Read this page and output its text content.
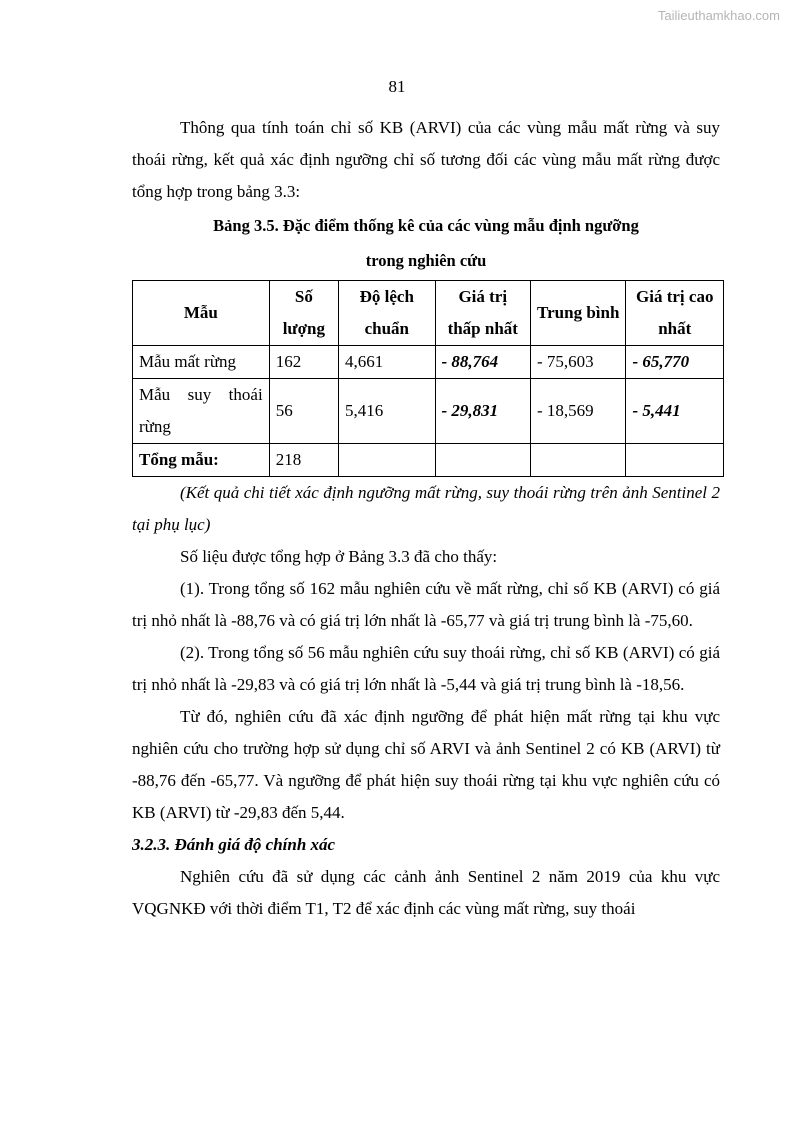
Tailieuthamkhao.com
81

Thông qua tính toán chỉ số KB (ARVI) của các vùng mẫu mất rừng và suy thoái rừng, kết quả xác định ngưỡng chỉ số tương đối các vùng mẫu mất rừng được tổng hợp trong bảng 3.3:

Bảng 3.5. Đặc điểm thống kê của các vùng mẫu định ngưỡng
trong nghiên cứu
Mẫu	Số lượng	Độ lệch chuẩn	Giá trị thấp nhất	Trung bình	Giá trị cao nhất
Mẫu mất rừng	162	4,661	- 88,764	- 75,603	- 65,770
Mẫu suy thoái rừng	56	5,416	- 29,831	- 18,569	- 5,441
Tổng mẫu:	218				

(Kết quả chi tiết xác định ngưỡng mất rừng, suy thoái rừng trên ảnh Sentinel 2 tại phụ lục)

Số liệu được tổng hợp ở Bảng 3.3 đã cho thấy:

(1). Trong tổng số 162 mẫu nghiên cứu về mất rừng, chỉ số KB (ARVI) có giá trị nhỏ nhất là -88,76 và có giá trị lớn nhất là -65,77 và giá trị trung bình là -75,60.

(2). Trong tổng số 56 mẫu nghiên cứu suy thoái rừng, chỉ số KB (ARVI) có giá trị nhỏ nhất là -29,83 và có giá trị lớn nhất là -5,44 và giá trị trung bình là -18,56.

Từ đó, nghiên cứu đã xác định ngưỡng để phát hiện mất rừng tại khu vực nghiên cứu cho trường hợp sử dụng chỉ số ARVI và ảnh Sentinel 2 có KB (ARVI) từ -88,76 đến -65,77. Và ngưỡng để phát hiện suy thoái rừng tại khu vực nghiên cứu có KB (ARVI) từ -29,83 đến 5,44.

3.2.3. Đánh giá độ chính xác

Nghiên cứu đã sử dụng các cảnh ảnh Sentinel 2 năm 2019 của khu vực VQGNKĐ với thời điểm T1, T2 để xác định các vùng mất rừng, suy thoái
